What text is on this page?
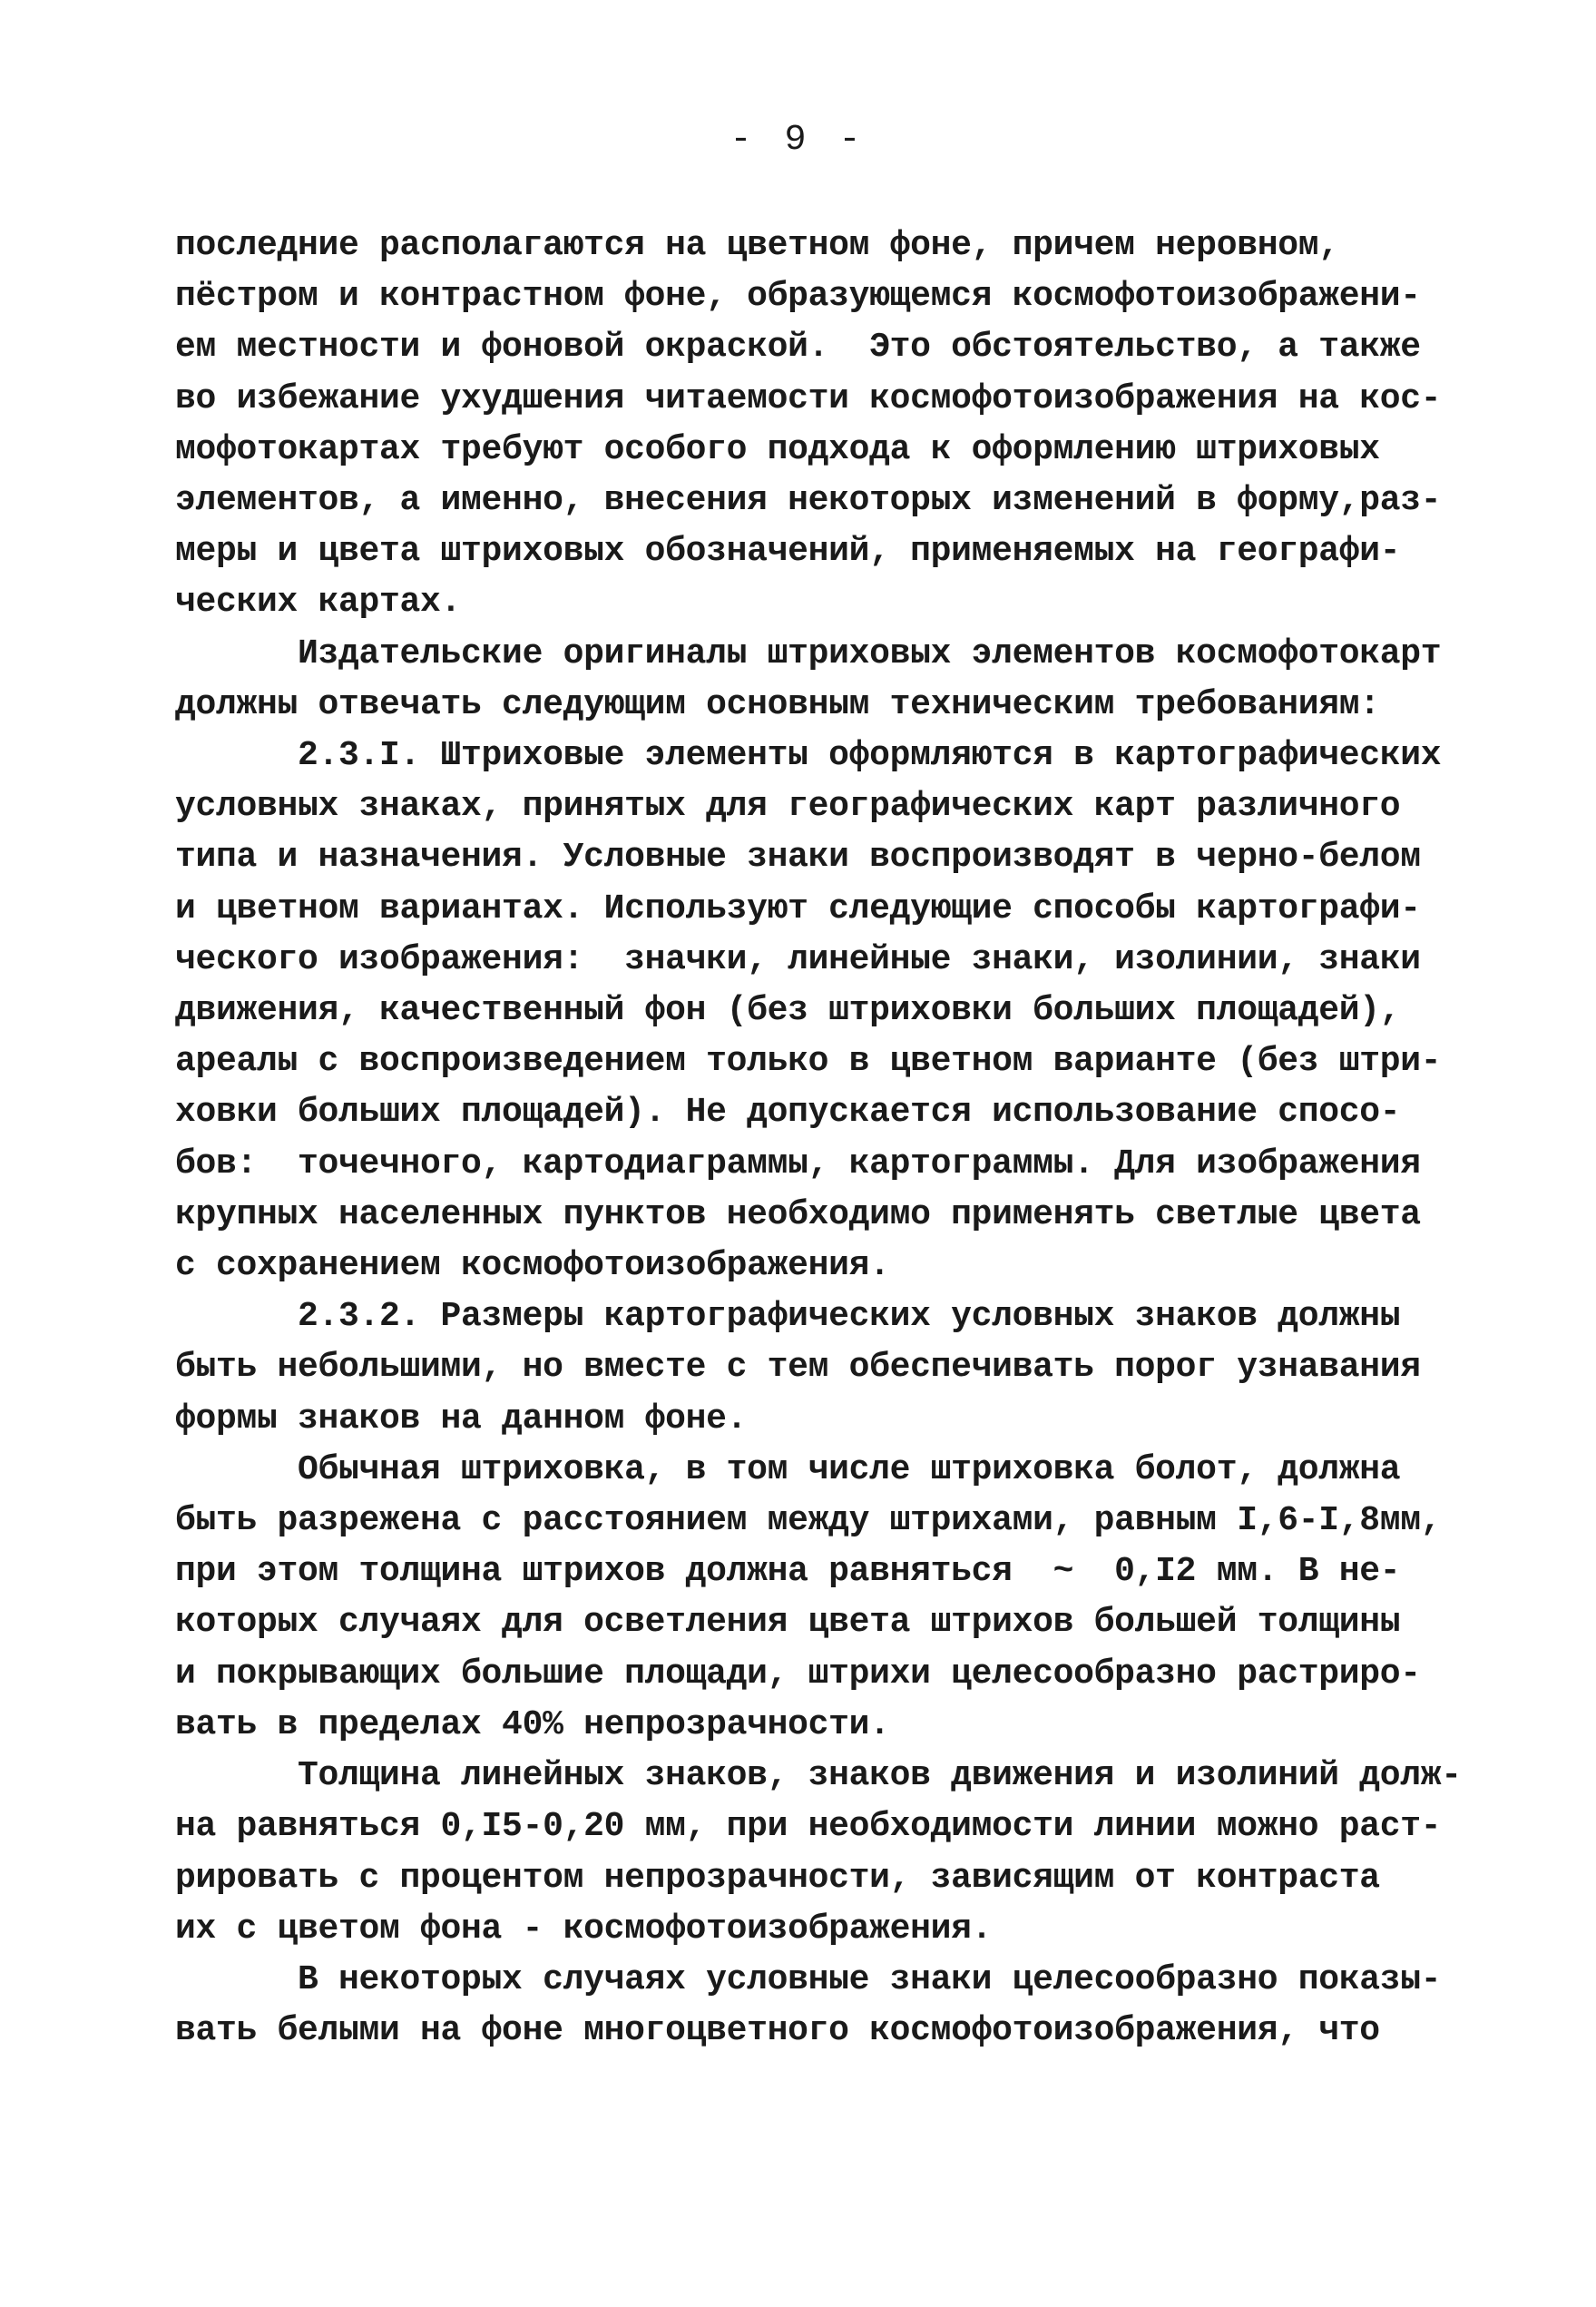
- 9 -
последние располагаются на цветном фоне, причем неровном,
пёстром и контрастном фоне, образующемся космофотоизображени-
ем местности и фоновой окраской.  Это обстоятельство, а также
во избежание ухудшения читаемости космофотоизображения на кос-
мофотокартах требуют особого подхода к оформлению штриховых
элементов, а именно, внесения некоторых изменений в форму,раз-
меры и цвета штриховых обозначений, применяемых на географи-
ческих картах.
Издательские оригиналы штриховых элементов космофотокарт
должны отвечать следующим основным техническим требованиям:
2.3.I. Штриховые элементы оформляются в картографических
условных знаках, принятых для географических карт различного
типа и назначения. Условные знаки воспроизводят в черно-белом
и цветном вариантах. Используют следующие способы картографи-
ческого изображения:  значки, линейные знаки, изолинии, знаки
движения, качественный фон (без штриховки больших площадей),
ареалы с воспроизведением только в цветном варианте (без штри-
ховки больших площадей). Не допускается использование спосо-
бов:  точечного, картодиаграммы, картограммы. Для изображения
крупных населенных пунктов необходимо применять светлые цвета
с сохранением космофотоизображения.
2.3.2. Размеры картографических условных знаков должны
быть небольшими, но вместе с тем обеспечивать порог узнавания
формы знаков на данном фоне.
Обычная штриховка, в том числе штриховка болот, должна
быть разрежена с расстоянием между штрихами, равным I,6-I,8мм,
при этом толщина штрихов должна равняться  ~  0,I2 мм. В не-
которых случаях для осветления цвета штрихов большей толщины
и покрывающих большие площади, штрихи целесообразно растриро-
вать в пределах 40% непрозрачности.
Толщина линейных знаков, знаков движения и изолиний долж-
на равняться 0,I5-0,20 мм, при необходимости линии можно раст-
рировать с процентом непрозрачности, зависящим от контраста
их с цветом фона - космофотоизображения.
В некоторых случаях условные знаки целесообразно показы-
вать белыми на фоне многоцветного космофотоизображения, что
